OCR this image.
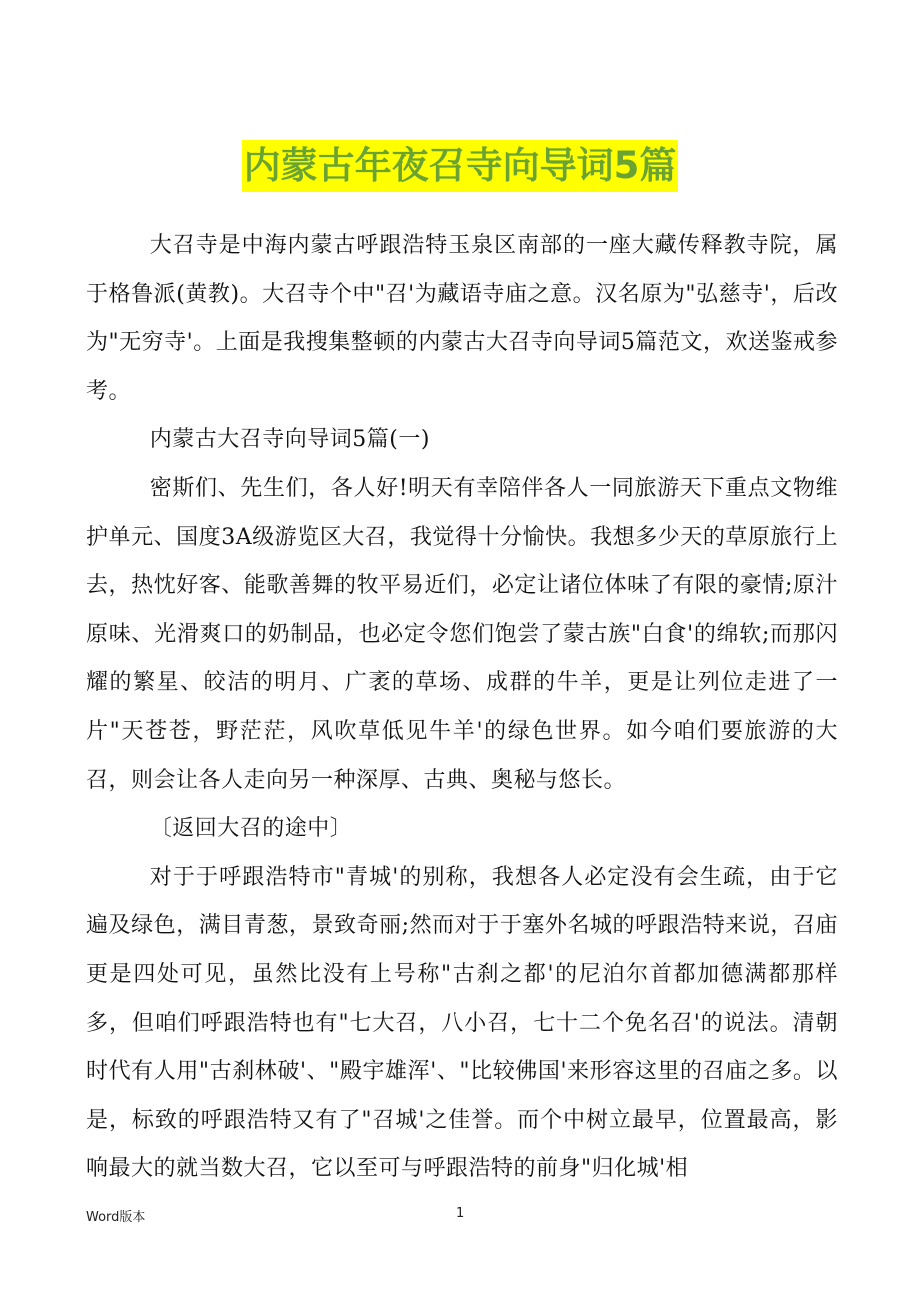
内蒙古年夜召寺向导词5篇

大召寺是中海内蒙古呼跟浩特玉泉区南部的一座大藏传释教寺院，属于格鲁派(黄教)。大召寺个中"召'为藏语寺庙之意。汉名原为"弘慈寺'，后改为"无穷寺'。上面是我搜集整顿的内蒙古大召寺向导词5篇范文，欢送鉴戒参考。

内蒙古大召寺向导词5篇(一)

密斯们、先生们，各人好!明天有幸陪伴各人一同旅游天下重点文物维护单元、国度3A级游览区大召，我觉得十分愉快。我想多少天的草原旅行上去，热忱好客、能歌善舞的牧平易近们，必定让诸位体味了有限的豪情;原汁原味、光滑爽口的奶制品，也必定令您们饱尝了蒙古族"白食'的绵软;而那闪耀的繁星、皎洁的明月、广袤的草场、成群的牛羊，更是让列位走进了一片"天苍苍，野茫茫，风吹草低见牛羊'的绿色世界。如今咱们要旅游的大召，则会让各人走向另一种深厚、古典、奥秘与悠长。

〔返回大召的途中〕

对于于呼跟浩特市"青城'的别称，我想各人必定没有会生疏，由于它遍及绿色，满目青葱，景致奇丽;然而对于于塞外名城的呼跟浩特来说，召庙更是四处可见，虽然比没有上号称"古刹之都'的尼泊尔首都加德满都那样多，但咱们呼跟浩特也有"七大召，八小召，七十二个免名召'的说法。清朝时代有人用"古刹林破'、"殿宇雄浑'、"比较佛国'来形容这里的召庙之多。以是，标致的呼跟浩特又有了"召城'之佳誉。而个中树立最早，位置最高，影响最大的就当数大召，它以至可与呼跟浩特的前身"归化城'相

Word版本	1
